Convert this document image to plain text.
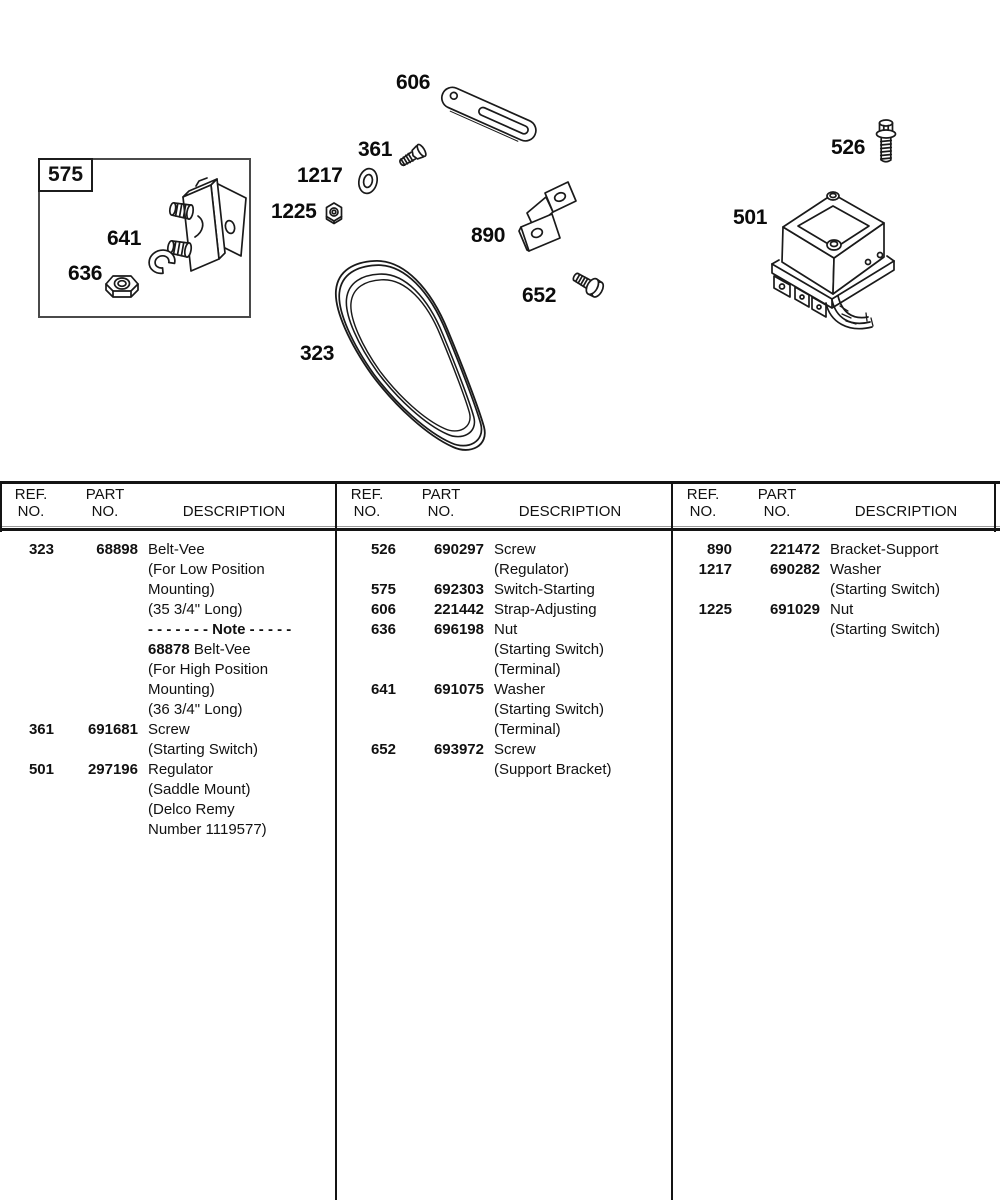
575
606
361
1217
1225
641
636
890
652
323
526
501
REF.
NO.
PART
NO.	DESCRIPTION
REF.
NO.
PART
NO.	DESCRIPTION
REF.
NO.
PART
NO.	DESCRIPTION
323	68898 Belt-Vee
(For Low Position
Mounting)
(35 3/4" Long)
- - - - - - - Note - - - - -
68878 Belt-Vee
(For High Position
Mounting)
(36 3/4" Long)
361	691681 Screw
(Starting Switch)
501	297196 Regulator
(Saddle Mount)
(Delco Remy
Number 1119577)
526	690297 Screw
(Regulator)
575	692303 Switch-Starting
606	221442 Strap-Adjusting
636	696198 Nut
(Starting Switch)
(Terminal)
641	691075 Washer
(Starting Switch)
(Terminal)
652	693972 Screw
(Support Bracket)
890	221472 Bracket-Support
1217	690282 Washer
(Starting Switch)
1225	691029 Nut
(Starting Switch)
